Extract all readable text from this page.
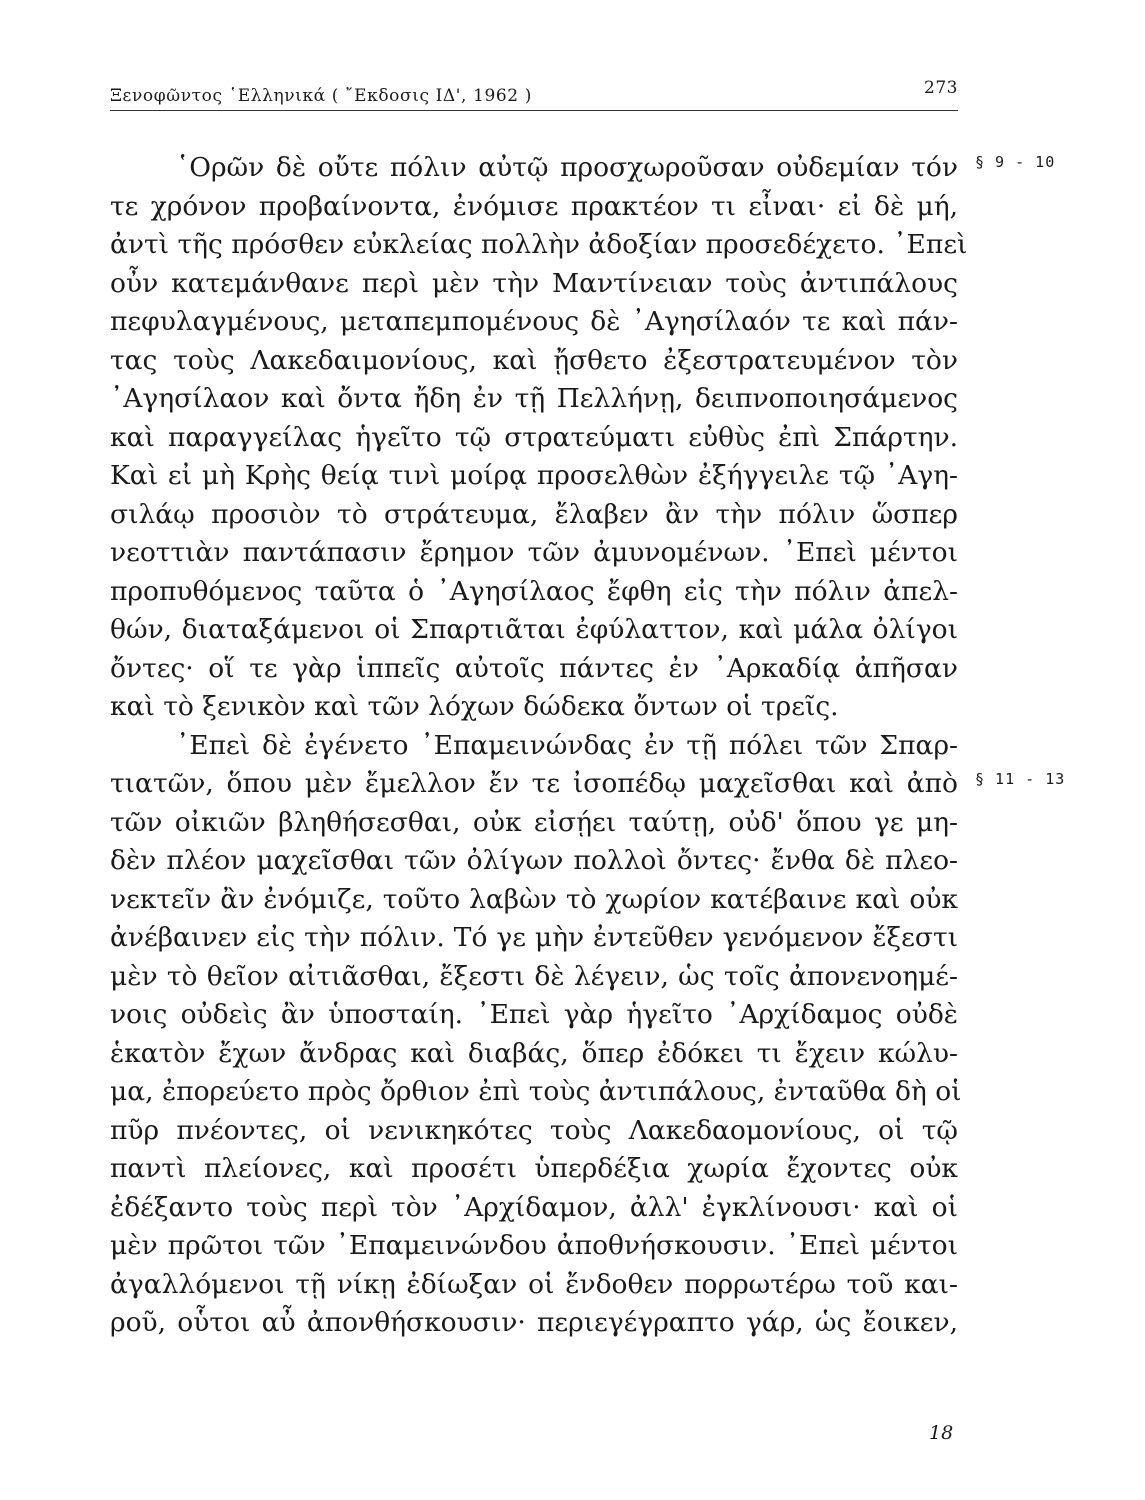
Ξενοφῶντος ῾Ελληνικά ( ῎Εκδοσις ΙΔ', 1962 )	273
§ 9 - 10
§ 11 - 13
῾Ορῶν δὲ οὔτε πόλιν αὐτῷ προσχωροῦσαν οὐδεμίαν τόν
τε χρόνον προβαίνοντα, ἐνόμισε πρακτέον τι εἶναι· εἰ δὲ μή,
ἀντὶ τῆς πρόσθεν εὐκλείας πολλὴν ἀδοξίαν προσεδέχετο. ᾿Επεὶ
οὖν κατεμάνθανε περὶ μὲν τὴν Μαντίνειαν τοὺς ἀντιπάλους
πεφυλαγμένους, μεταπεμπομένους δὲ ᾿Αγησίλαόν τε καὶ πάν-
τας τοὺς Λακεδαιμονίους, καὶ ᾔσθετο ἐξεστρατευμένον τὸν
᾿Αγησίλαον καὶ ὄντα ἤδη ἐν τῇ Πελλήνῃ, δειπνοποιησάμενος
καὶ παραγγείλας ἡγεῖτο τῷ στρατεύματι εὐθὺς ἐπὶ Σπάρτην.
Καὶ εἰ μὴ Κρὴς θείᾳ τινὶ μοίρᾳ προσελθὼν ἐξήγγειλε τῷ ᾿Αγη-
σιλάῳ προσιὸν τὸ στράτευμα, ἔλαβεν ἂν τὴν πόλιν ὥσπερ
νεοττιὰν παντάπασιν ἔρημον τῶν ἀμυνομένων. ᾿Επεὶ μέντοι
προπυθόμενος ταῦτα ὁ ᾿Αγησίλαος ἔφθη εἰς τὴν πόλιν ἀπελ-
θών, διαταξάμενοι οἱ Σπαρτιᾶται ἐφύλαττον, καὶ μάλα ὀλίγοι
ὄντες· οἵ τε γὰρ ἱππεῖς αὐτοῖς πάντες ἐν ᾿Αρκαδίᾳ ἀπῆσαν
καὶ τὸ ξενικὸν καὶ τῶν λόχων δώδεκα ὄντων οἱ τρεῖς.
᾿Επεὶ δὲ ἐγένετο ᾿Επαμεινώνδας ἐν τῇ πόλει τῶν Σπαρ-
τιατῶν, ὅπου μὲν ἔμελλον ἔν τε ἰσοπέδῳ μαχεῖσθαι καὶ ἀπὸ
τῶν οἰκιῶν βληθήσεσθαι, οὐκ εἰσῄει ταύτῃ, οὐδ' ὅπου γε μη-
δὲν πλέον μαχεῖσθαι τῶν ὀλίγων πολλοὶ ὄντες· ἔνθα δὲ πλεο-
νεκτεῖν ἂν ἐνόμιζε, τοῦτο λαβὼν τὸ χωρίον κατέβαινε καὶ οὐκ
ἀνέβαινεν εἰς τὴν πόλιν. Τό γε μὴν ἐντεῦθεν γενόμενον ἔξεστι
μὲν τὸ θεῖον αἰτιᾶσθαι, ἔξεστι δὲ λέγειν, ὡς τοῖς ἀπονενοημέ-
νοις οὐδεὶς ἂν ὑποσταίη. ᾿Επεὶ γὰρ ἡγεῖτο ᾿Αρχίδαμος οὐδὲ
ἑκατὸν ἔχων ἄνδρας καὶ διαβάς, ὅπερ ἐδόκει τι ἔχειν κώλυ-
μα, ἐπορεύετο πρὸς ὄρθιον ἐπὶ τοὺς ἀντιπάλους, ἐνταῦθα δὴ οἱ
πῦρ πνέοντες, οἱ νενικηκότες τοὺς Λακεδαομονίους, οἱ τῷ
παντὶ πλείονες, καὶ προσέτι ὑπερδέξια χωρία ἔχοντες οὐκ
ἐδέξαντο τοὺς περὶ τὸν ᾿Αρχίδαμον, ἀλλ' ἐγκλίνουσι· καὶ οἱ
μὲν πρῶτοι τῶν ᾿Επαμεινώνδου ἀποθνήσκουσιν. ᾿Επεὶ μέντοι
ἀγαλλόμενοι τῇ νίκῃ ἐδίωξαν οἱ ἔνδοθεν πορρωτέρω τοῦ και-
ροῦ, οὗτοι αὖ ἀπονθήσκουσιν· περιεγέγραπτο γάρ, ὡς ἔοικεν,
18
